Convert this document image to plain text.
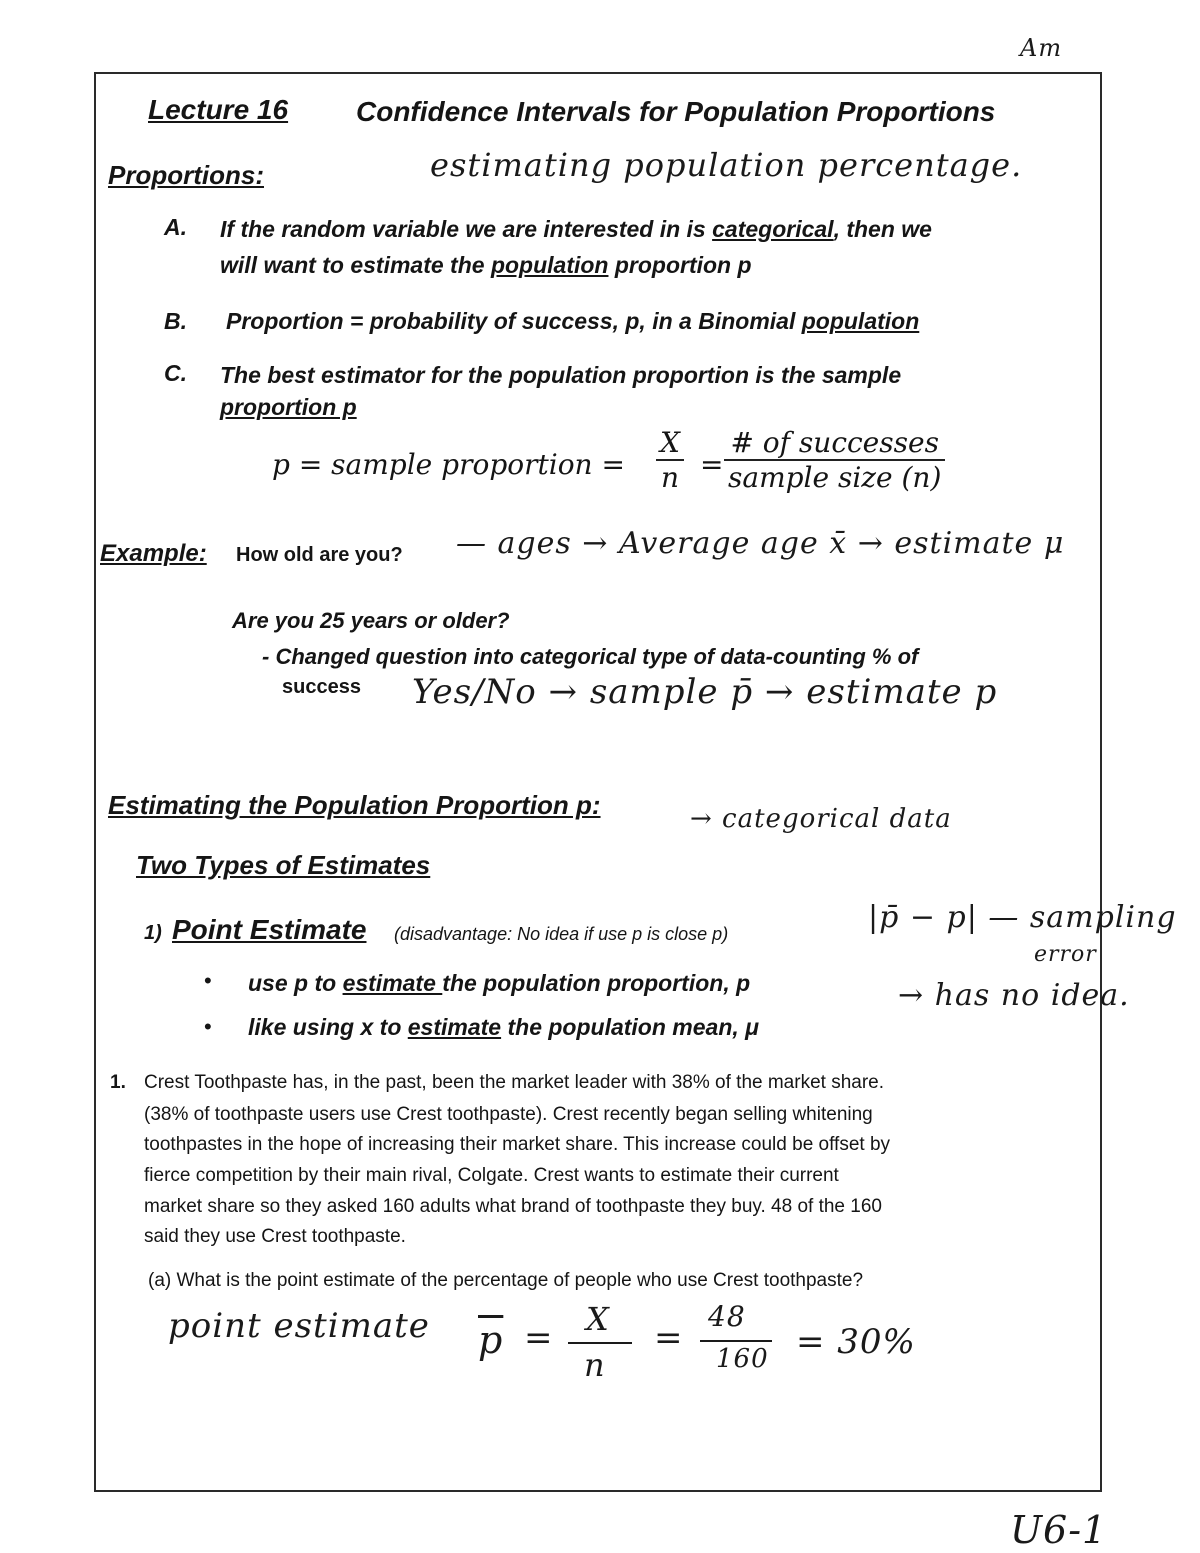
Am
U6-1
Lecture 16 Confidence Intervals for Population Proportions
Proportions:	estimating population percentage.
A. If the random variable we are interested in is categorical, then we
will want to estimate the population proportion p
B. Proportion = probability of success, p, in a Binomial population
C. The best estimator for the population proportion is the sample
proportion p
p = sample proportion = $\frac{X}{n} = \frac{\text{\# of successes}}{\text{sample size (n)}}$
Example: How old are you? — ages → Average age x̄ → estimate μ
Are you 25 years or older?
- Changed question into categorical type of data-counting % of
success Yes/No → sample p̄ → estimate p
Estimating the Population Proportion p:	→ categorical data
Two Types of Estimates
1) Point Estimate (disadvantage: No idea if use p is close p)	|p̄ − p| — sampling
error
→ has no idea.
• use p to estimate the population proportion, p
• like using x to estimate the population mean, μ
1. Crest Toothpaste has, in the past, been the market leader with 38% of the market share.
(38% of toothpaste users use Crest toothpaste). Crest recently began selling whitening
toothpastes in the hope of increasing their market share. This increase could be offset by
fierce competition by their main rival, Colgate. Crest wants to estimate their current
market share so they asked 160 adults what brand of toothpaste they buy. 48 of the 160
said they use Crest toothpaste.
(a) What is the point estimate of the percentage of people who use Crest toothpaste?
point estimate $\overline{p} = X$
n
=
48
160 = 30%
